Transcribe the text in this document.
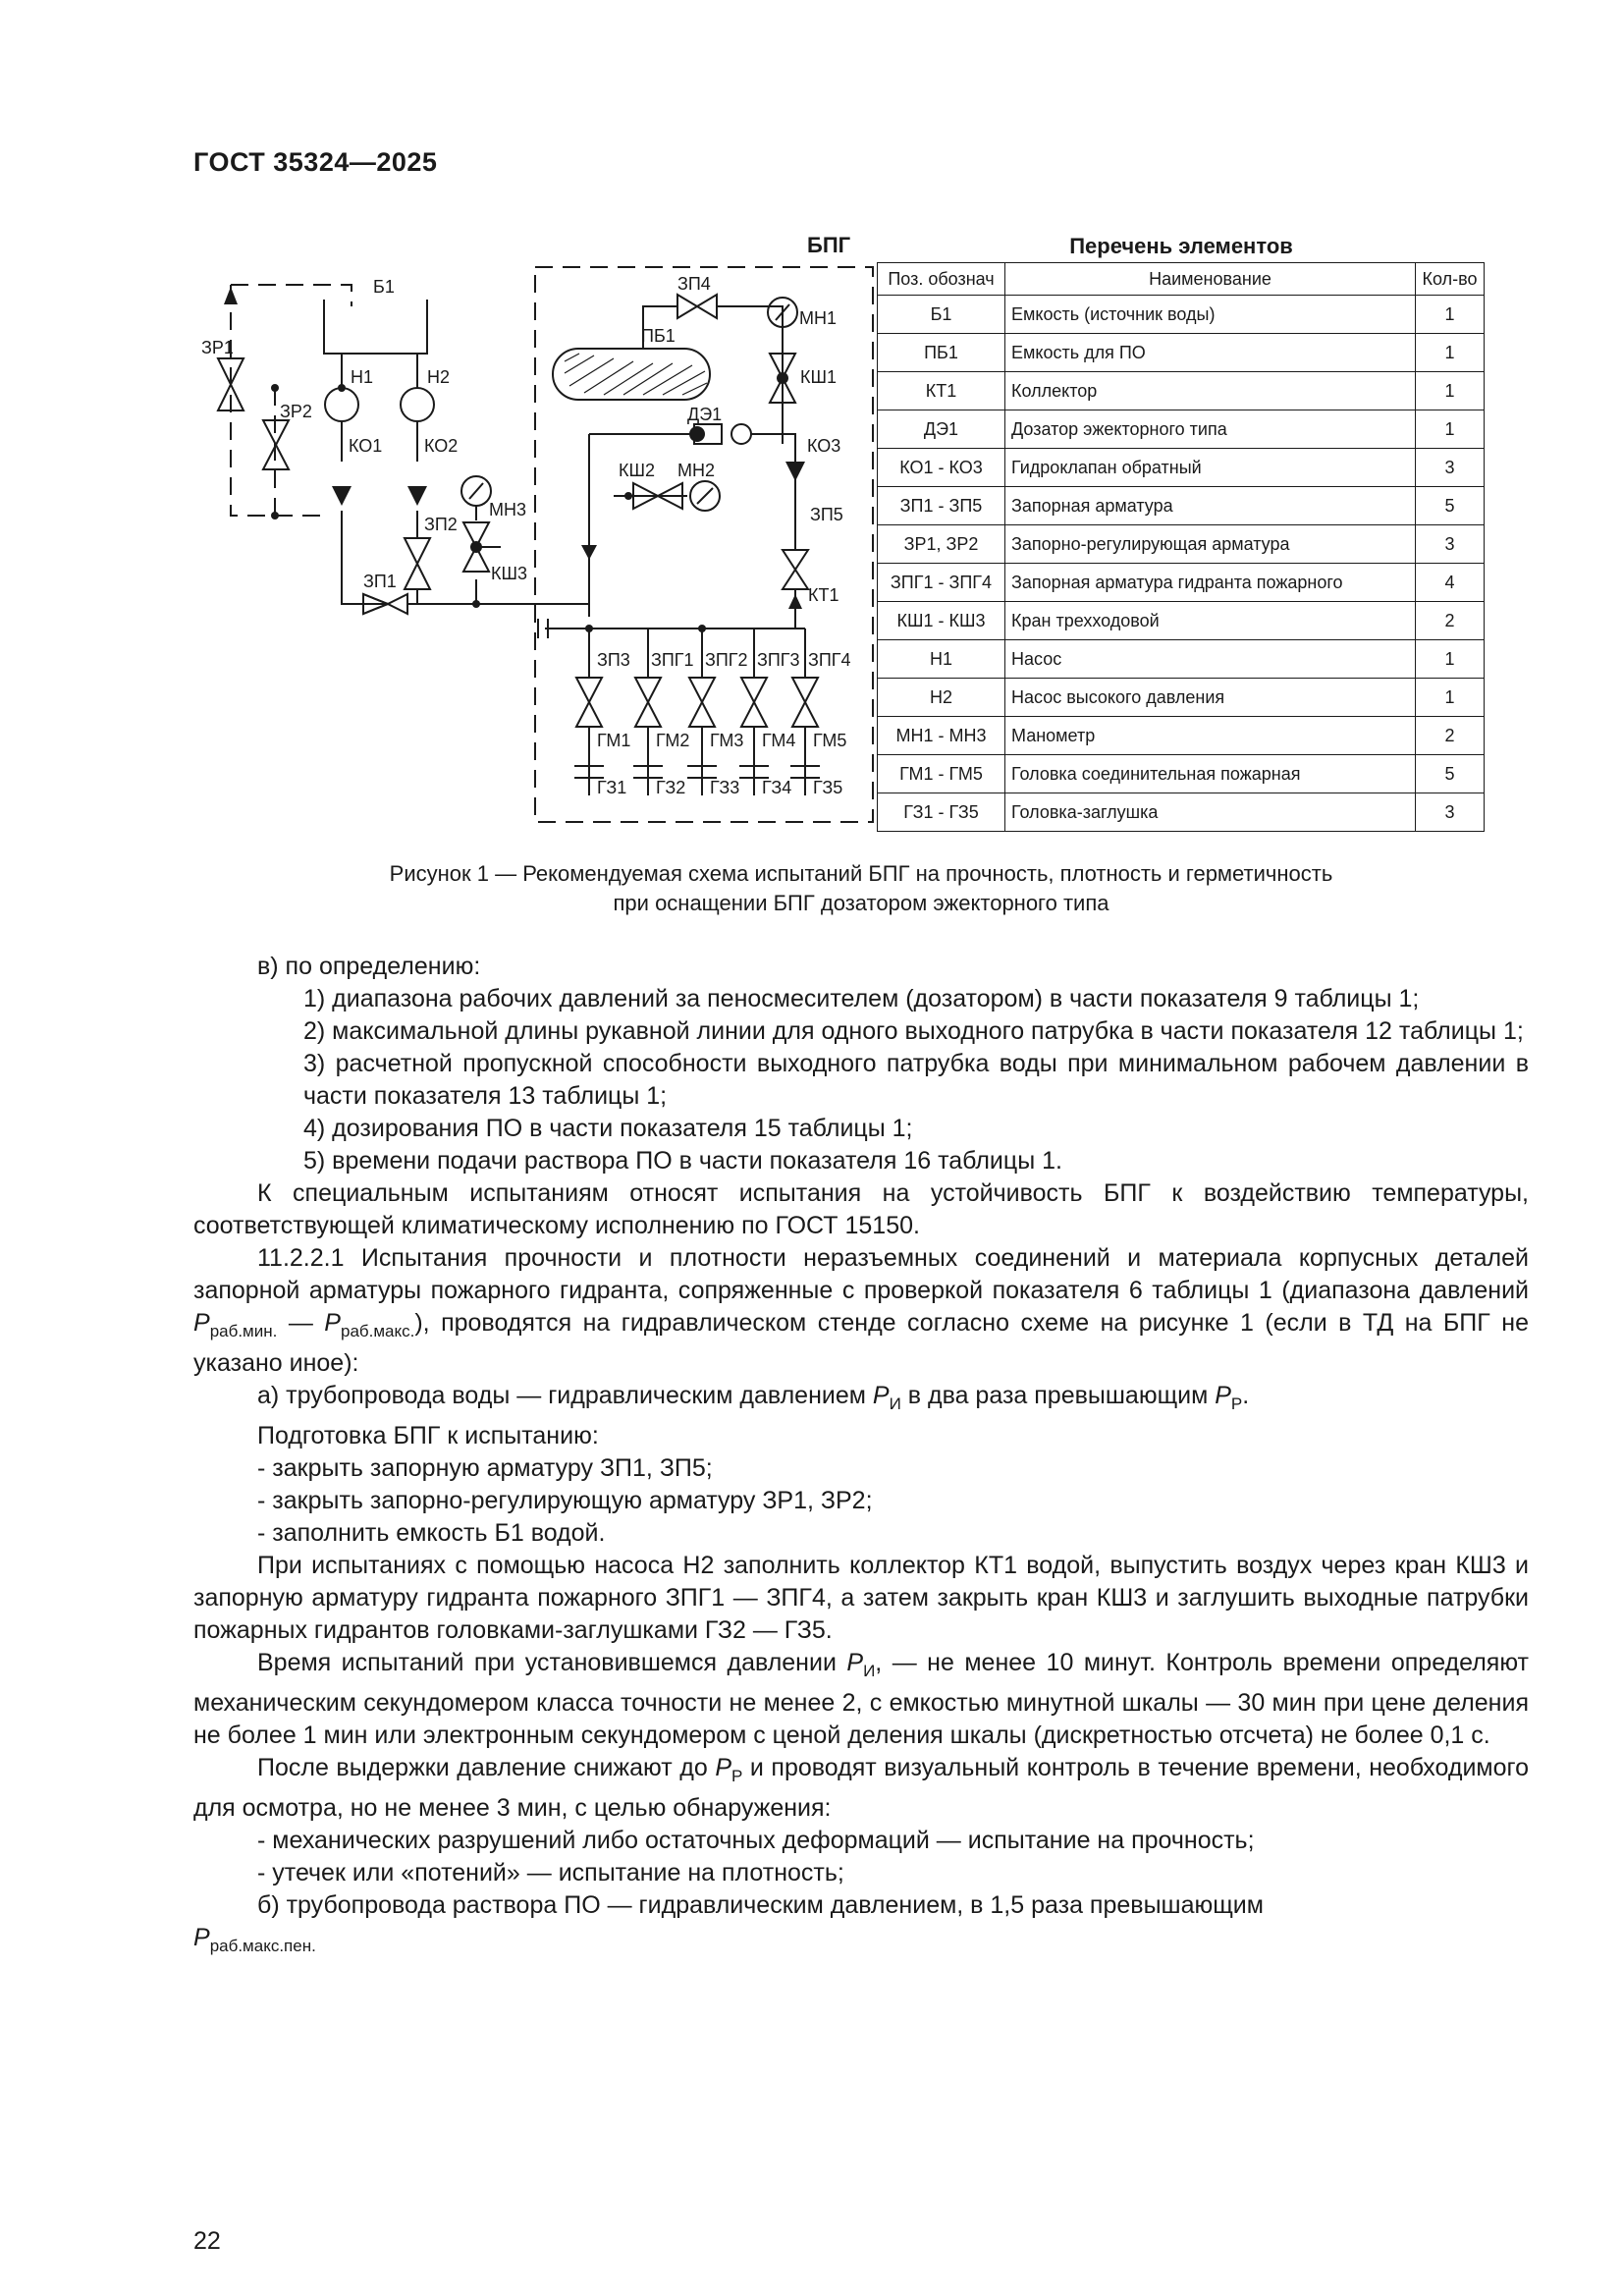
ГОСТ 35324—2025
БПГ
Б1
Н1	Н2
ЗР1
ЗР2
КО1 КО2
ЗП2
ЗП1
МН3
КШ3
ЗП4
ПБ1
МН1
КШ1
ДЭ1
КО3
КШ2 МН2
ЗП5
КТ1
ЗП3 ЗПГ1 ЗПГ2 ЗПГ3 ЗПГ4
ГМ1 ГМ2 ГМ3 ГМ4 ГМ5
ГЗ1 ГЗ2 ГЗ3 ГЗ4 ГЗ5
Перечень элементов
Поз. обознач	Наименование	Кол-во
Б1	Емкость (источник воды)	1
ПБ1	Емкость для ПО	1
КТ1	Коллектор	1
ДЭ1	Дозатор эжекторного типа	1
КО1 - КО3	Гидроклапан обратный	3
ЗП1 - ЗП5	Запорная арматура	5
ЗР1, ЗР2	Запорно-регулирующая арматура	3
ЗПГ1 - ЗПГ4	Запорная арматура гидранта пожарного	4
КШ1 - КШ3	Кран трехходовой	2
Н1	Насос	1
Н2	Насос высокого давления	1
МН1 - МН3	Манометр	2
ГМ1 - ГМ5	Головка соединительная пожарная	5
ГЗ1 - ГЗ5	Головка-заглушка	3
Рисунок 1 — Рекомендуемая схема испытаний БПГ на прочность, плотность и герметичность
при оснащении БПГ дозатором эжекторного типа

в) по определению:

1) диапазона рабочих давлений за пеносмесителем (дозатором) в части показателя 9 таблицы 1;

2) максимальной длины рукавной линии для одного выходного патрубка в части показателя 12 таблицы 1;

3) расчетной пропускной способности выходного патрубка воды при минимальном рабочем давлении в части показателя 13 таблицы 1;

4) дозирования ПО в части показателя 15 таблицы 1;

5) времени подачи раствора ПО в части показателя 16 таблицы 1.

К специальным испытаниям относят испытания на устойчивость БПГ к воздействию температуры, соответствующей климатическому исполнению по ГОСТ 15150.

11.2.2.1 Испытания прочности и плотности неразъемных соединений и материала корпусных деталей запорной арматуры пожарного гидранта, сопряженные с проверкой показателя 6 таблицы 1 (диапазона давлений $P_{раб.мин.}$ — $P_{раб.макс.}$), проводятся на гидравлическом стенде согласно схеме на рисунке 1 (если в ТД на БПГ не указано иное):

а) трубопровода воды — гидравлическим давлением $P_И$ в два раза превышающим $P_Р$.

Подготовка БПГ к испытанию:

- закрыть запорную арматуру ЗП1, ЗП5;

- закрыть запорно-регулирующую арматуру ЗР1, ЗР2;

- заполнить емкость Б1 водой.

При испытаниях с помощью насоса Н2 заполнить коллектор КТ1 водой, выпустить воздух через кран КШ3 и запорную арматуру гидранта пожарного ЗПГ1 — ЗПГ4, а затем закрыть кран КШ3 и заглушить выходные патрубки пожарных гидрантов головками-заглушками ГЗ2 — ГЗ5.

Время испытаний при установившемся давлении $P_И$, — не менее 10 минут. Контроль времени определяют механическим секундомером класса точности не менее 2, с емкостью минутной шкалы — 30 мин при цене деления не более 1 мин или электронным секундомером с ценой деления шкалы (дискретностью отсчета) не более 0,1 с.

После выдержки давление снижают до $P_Р$ и проводят визуальный контроль в течение времени, необходимого для осмотра, но не менее 3 мин, с целью обнаружения:

- механических разрушений либо остаточных деформаций — испытание на прочность;

- утечек или «потений» — испытание на плотность;

б) трубопровода раствора ПО — гидравлическим давлением, в 1,5 раза превышающим

$P_{раб.макс.пен.}$

22
